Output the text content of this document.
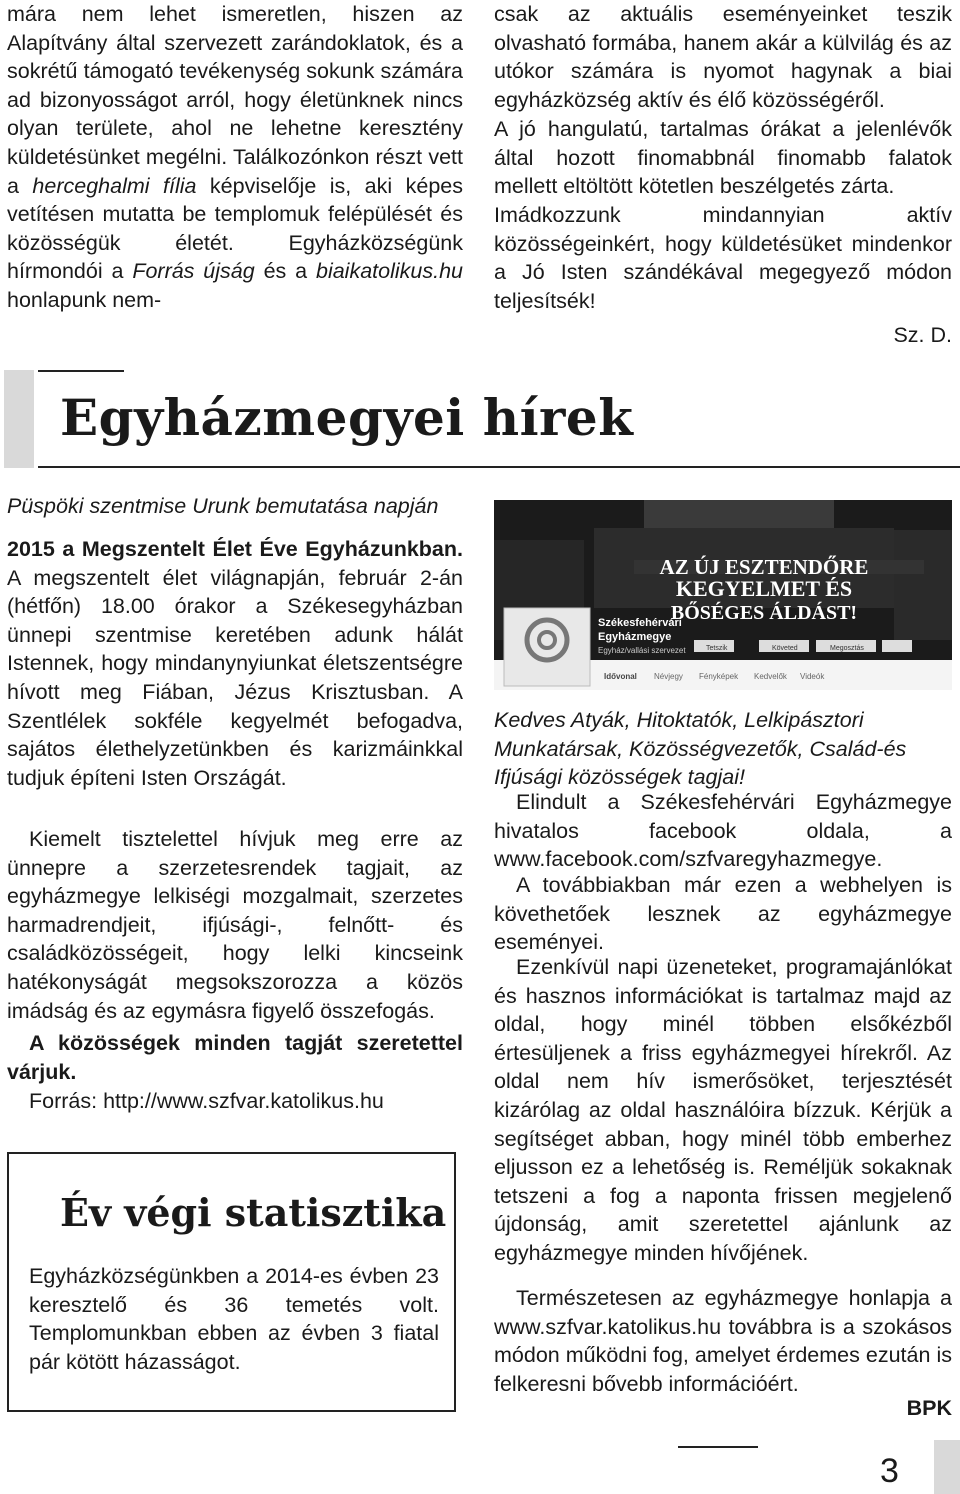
mára nem lehet ismeretlen, hiszen az Alapítvány által szervezett zarándoklatok, és a sokrétű támogató tevékenység sokunk számára ad bizonyosságot arról, hogy életünknek nincs olyan területe, ahol ne lehetne keresztény küldetésünket megélni. Találkozónkon részt vett a herceghalmi fília képviselője is, aki képes vetítésen mutatta be templomuk felépülését és közösségük életét. Egyházközségünk hírmondói a Forrás újság és a biaikatolikus.hu honlapunk nem-

csak az aktuális eseményeinket teszik olvasható formába, hanem akár a külvilág és az utókor számára is nyomot hagynak a biai egyházközség aktív és élő közösségéről.

A jó hangulatú, tartalmas órákat a jelenlévők által hozott finomabbnál finomabb falatok mellett eltöltött kötetlen beszélgetés zárta.

Imádkozzunk mindannyian aktív közösségeinkért, hogy küldetésüket mindenkor a Jó Isten szándékával megegyező módon teljesítsék!

Sz. D.

Egyházmegyei hírek

Püspöki szentmise Urunk bemutatása napján

2015 a Megszentelt Élet Éve Egyházunkban. A megszentelt élet világnapján, február 2-án (hétfőn) 18.00 órakor a Székesegyházban ünnepi szentmise keretében adunk hálát Istennek, hogy mindanynyiunkat életszentségre hívott meg Fiában, Jézus Krisztusban. A Szentlélek sokféle kegyelmét befogadva, sajátos élethelyzetünkben és karizmáinkkal tudjuk építeni Isten Országát.

Kiemelt tisztelettel hívjuk meg erre az ünnepre a szerzetesrendek tagjait, az egyházmegye lelkiségi mozgalmait, szerzetes harmadrendjeit, ifjúsági-, felnőtt- és családközösségeit, hogy lelki kincseink hatékonyságát megsokszorozza a közös imádság és az egymásra figyelő összefogás.

A közösségek minden tagját szeretettel várjuk.

Forrás: http://www.szfvar.katolikus.hu

Év végi statisztika

Egyházközségünkben a 2014-es évben 23 keresztelő és 36 temetés volt. Templomunkban ebben az évben 3 fiatal pár kötött házasságot.

AZ ÚJ ESZTENDŐRE
KEGYELMET ÉS
BŐSÉGES ÁLDÁST!
Székesfehérvári
Egyházmegye
Egyház/vallási szervezet	Tetszik	Követed	Megosztás
Idővonal Névjegy Fényképek Kedvelők Videók

Kedves Atyák, Hitoktatók, Lelkipásztori Munkatársak, Közösségvezetők, Család-és Ifjúsági közösségek tagjai!

Elindult a Székesfehérvári Egyházmegye hivatalos facebook oldala, a www.facebook.com/szfvaregyhazmegye.

A továbbiakban már ezen a webhelyen is követhetőek lesznek az egyházmegye eseményei.

Ezenkívül napi üzeneteket, programajánlókat és hasznos információkat is tartalmaz majd az oldal, hogy minél többen elsőkézből értesüljenek a friss egyházmegyei hírekről. Az oldal nem hív ismerősöket, terjesztését kizárólag az oldal használóira bízzuk. Kérjük a segítséget abban, hogy minél több emberhez eljusson ez a lehetőség is. Reméljük sokaknak tetszeni a fog a naponta frissen megjelenő újdonság, amit szeretettel ajánlunk az egyházmegye minden hívőjének.

Természetesen az egyházmegye honlapja a www.szfvar.katolikus.hu továbbra is a szokásos módon működni fog, amelyet érdemes ezután is felkeresni bővebb információért.

BPK

3
